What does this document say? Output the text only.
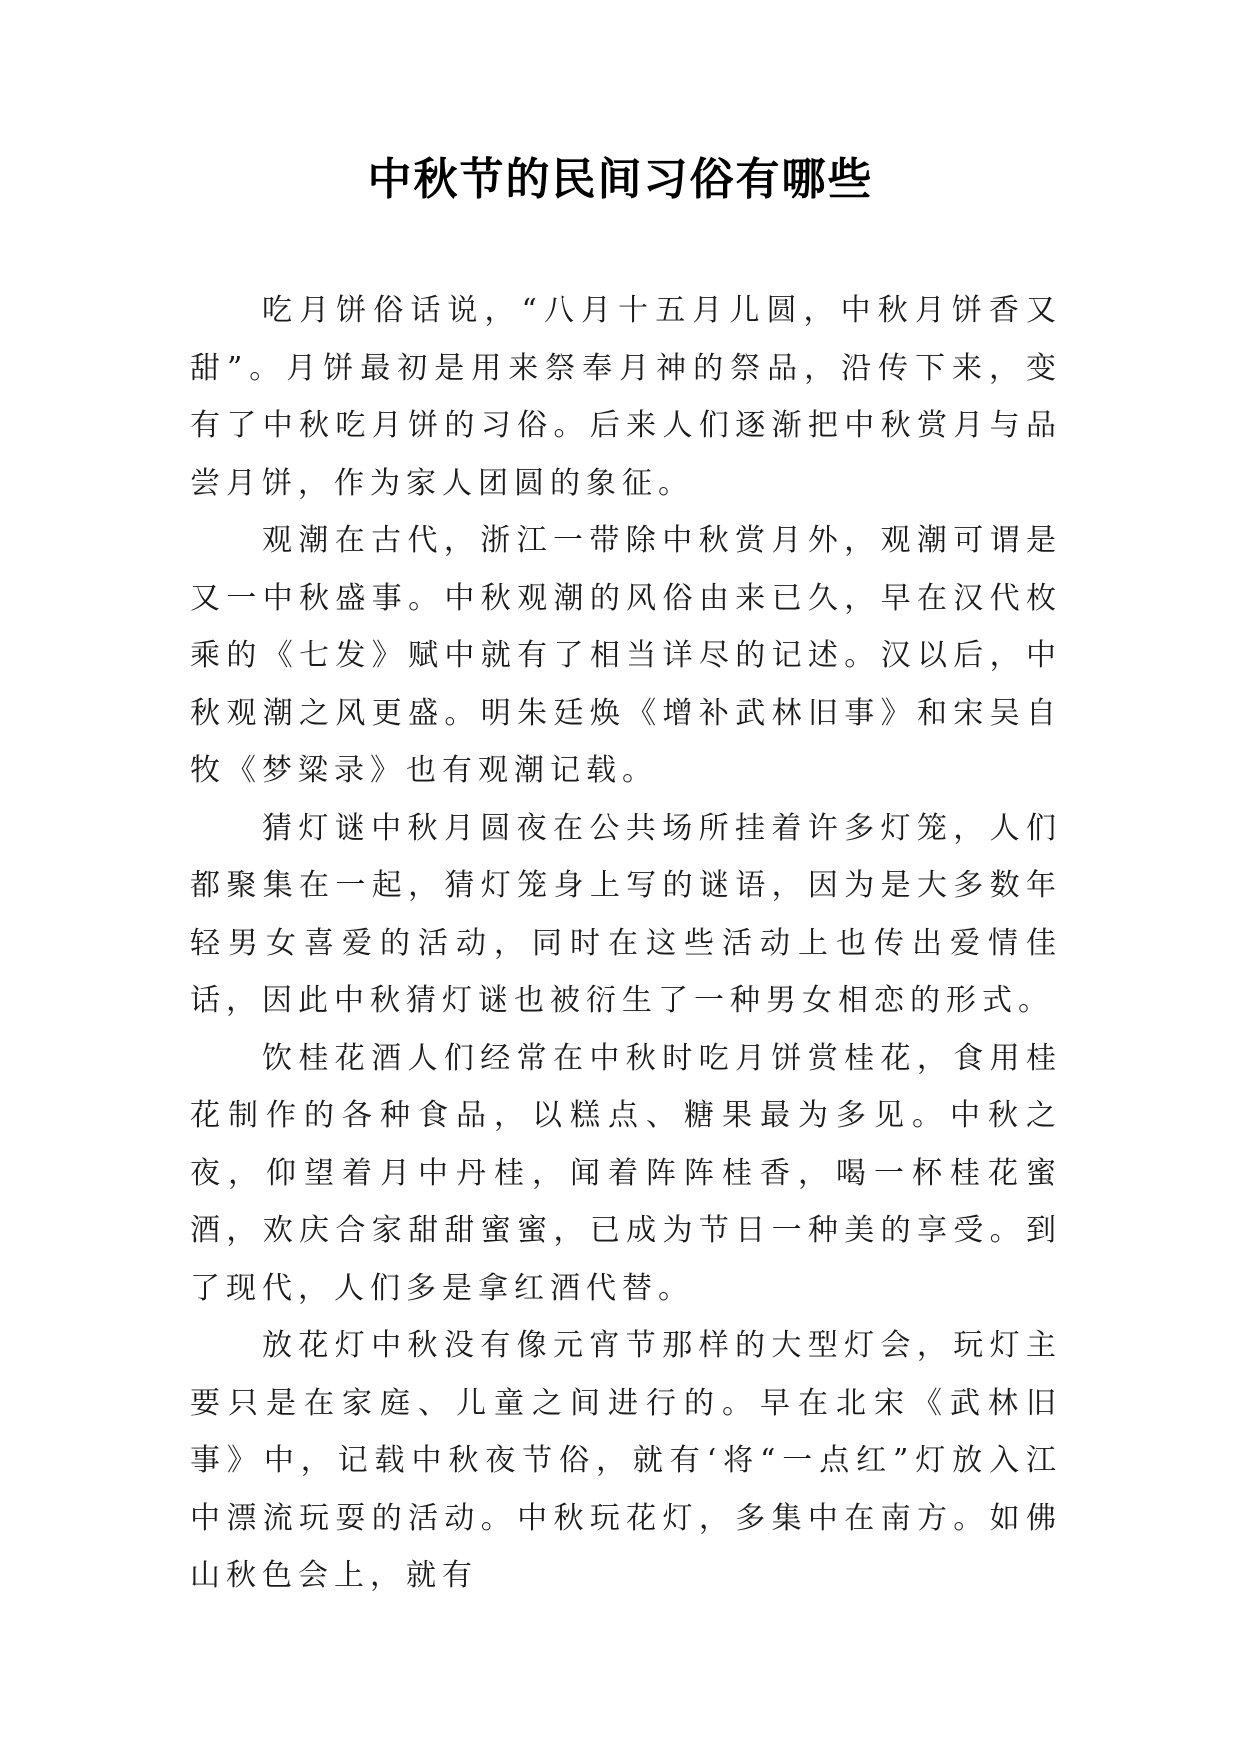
中秋节的民间习俗有哪些

吃月饼俗话说，“八月十五月儿圆，中秋月饼香又甜”。月饼最初是用来祭奉月神的祭品，沿传下来，变有了中秋吃月饼的习俗。后来人们逐渐把中秋赏月与品尝月饼，作为家人团圆的象征。

观潮在古代，浙江一带除中秋赏月外，观潮可谓是又一中秋盛事。中秋观潮的风俗由来已久，早在汉代枚乘的《七发》赋中就有了相当详尽的记述。汉以后，中秋观潮之风更盛。明朱廷焕《增补武林旧事》和宋吴自牧《梦粱录》也有观潮记载。

猜灯谜中秋月圆夜在公共场所挂着许多灯笼，人们都聚集在一起，猜灯笼身上写的谜语，因为是大多数年轻男女喜爱的活动，同时在这些活动上也传出爱情佳话，因此中秋猜灯谜也被衍生了一种男女相恋的形式。

饮桂花酒人们经常在中秋时吃月饼赏桂花，食用桂花制作的各种食品，以糕点、糖果最为多见。中秋之夜，仰望着月中丹桂，闻着阵阵桂香，喝一杯桂花蜜酒，欢庆合家甜甜蜜蜜，已成为节日一种美的享受。到了现代，人们多是拿红酒代替。

放花灯中秋没有像元宵节那样的大型灯会，玩灯主要只是在家庭、儿童之间进行的。早在北宋《武林旧事》中，记载中秋夜节俗，就有‘将“一点红”灯放入江中漂流玩耍的活动。中秋玩花灯，多集中在南方。如佛山秋色会上，就有
